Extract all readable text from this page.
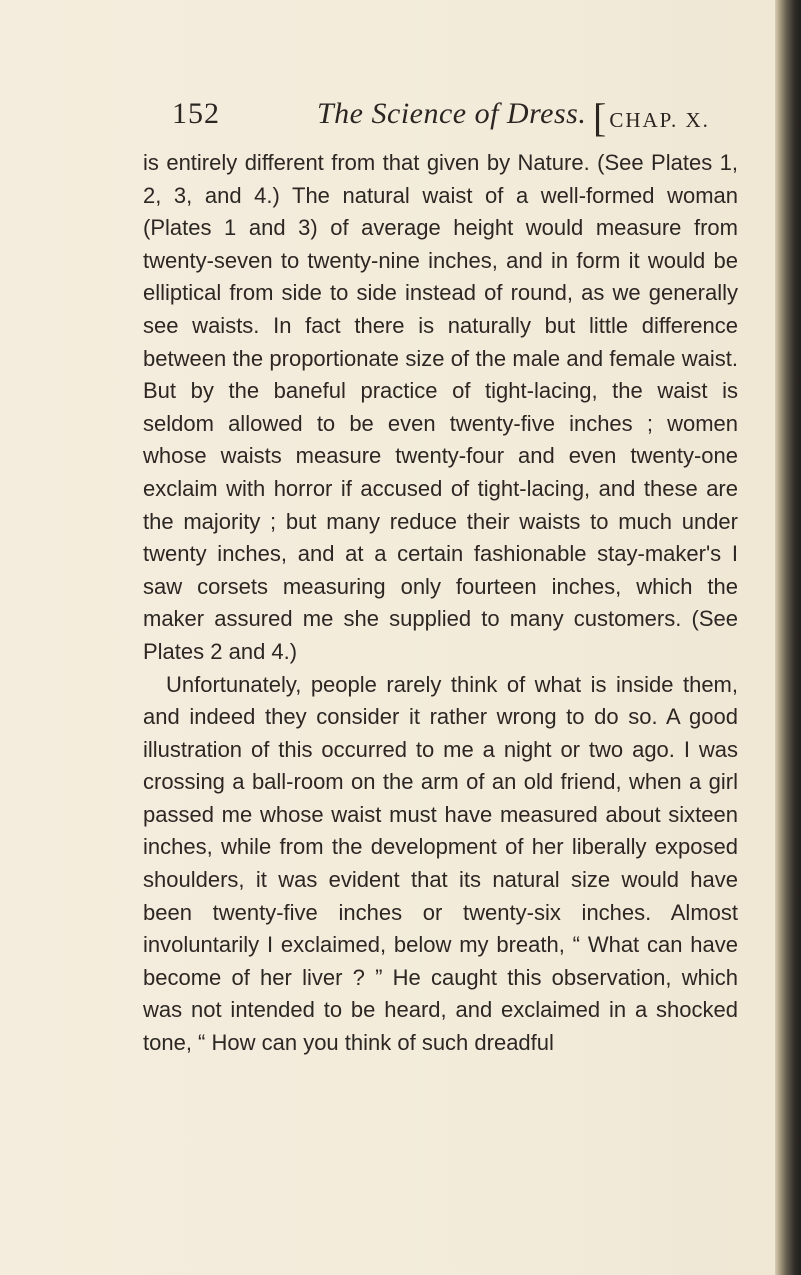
152	The Science of Dress. [CHAP. X.

is entirely different from that given by Nature. (See Plates 1, 2, 3, and 4.) The natural waist of a well-formed woman (Plates 1 and 3) of average height would measure from twenty-seven to twenty-nine inches, and in form it would be elliptical from side to side instead of round, as we generally see waists. In fact there is naturally but little difference between the proportionate size of the male and female waist. But by the baneful practice of tight-lacing, the waist is seldom allowed to be even twenty-five inches ; women whose waists measure twenty-four and even twenty-one exclaim with horror if accused of tight-lacing, and these are the majority ; but many reduce their waists to much under twenty inches, and at a certain fashionable stay-maker's I saw corsets measuring only fourteen inches, which the maker assured me she supplied to many customers. (See Plates 2 and 4.)

Unfortunately, people rarely think of what is inside them, and indeed they consider it rather wrong to do so. A good illustration of this occurred to me a night or two ago. I was crossing a ball-room on the arm of an old friend, when a girl passed me whose waist must have measured about sixteen inches, while from the development of her liberally exposed shoulders, it was evident that its natural size would have been twenty-five inches or twenty-six inches. Almost involuntarily I exclaimed, below my breath, “ What can have become of her liver ? ” He caught this observation, which was not intended to be heard, and exclaimed in a shocked tone, “ How can you think of such dreadful
